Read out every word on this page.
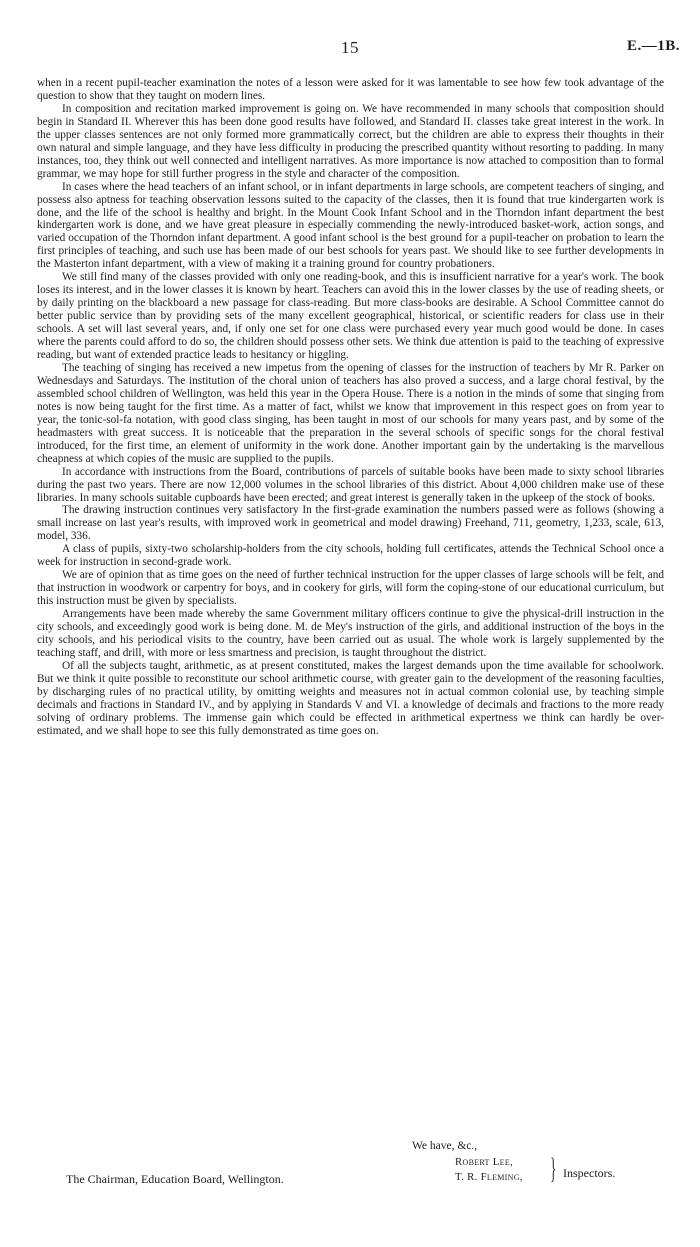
15	E.—1B.

when in a recent pupil-teacher examination the notes of a lesson were asked for it was lamentable to see how few took advantage of the question to show that they taught on modern lines.

In composition and recitation marked improvement is going on. We have recommended in many schools that composition should begin in Standard II. Wherever this has been done good results have followed, and Standard II. classes take great interest in the work. In the upper classes sentences are not only formed more grammatically correct, but the children are able to express their thoughts in their own natural and simple language, and they have less difficulty in producing the prescribed quantity without resorting to padding. In many instances, too, they think out well connected and intelligent narratives. As more importance is now attached to composition than to formal grammar, we may hope for still further progress in the style and character of the composition.

In cases where the head teachers of an infant school, or in infant departments in large schools, are competent teachers of singing, and possess also aptness for teaching observation lessons suited to the capacity of the classes, then it is found that true kindergarten work is done, and the life of the school is healthy and bright. In the Mount Cook Infant School and in the Thorndon infant department the best kindergarten work is done, and we have great pleasure in especially commending the newly-introduced basket-work, action songs, and varied occupation of the Thorndon infant department. A good infant school is the best ground for a pupil-teacher on probation to learn the first principles of teaching, and such use has been made of our best schools for years past. We should like to see further developments in the Masterton infant department, with a view of making it a training ground for country probationers.

We still find many of the classes provided with only one reading-book, and this is insufficient narrative for a year's work. The book loses its interest, and in the lower classes it is known by heart. Teachers can avoid this in the lower classes by the use of reading sheets, or by daily printing on the blackboard a new passage for class-reading. But more class-books are desirable. A School Committee cannot do better public service than by providing sets of the many excellent geographical, historical, or scientific readers for class use in their schools. A set will last several years, and, if only one set for one class were purchased every year much good would be done. In cases where the parents could afford to do so, the children should possess other sets. We think due attention is paid to the teaching of expressive reading, but want of extended practice leads to hesitancy or higgling.

The teaching of singing has received a new impetus from the opening of classes for the instruction of teachers by Mr R. Parker on Wednesdays and Saturdays. The institution of the choral union of teachers has also proved a success, and a large choral festival, by the assembled school children of Wellington, was held this year in the Opera House. There is a notion in the minds of some that singing from notes is now being taught for the first time. As a matter of fact, whilst we know that improvement in this respect goes on from year to year, the tonic-sol-fa notation, with good class singing, has been taught in most of our schools for many years past, and by some of the headmasters with great success. It is noticeable that the preparation in the several schools of specific songs for the choral festival introduced, for the first time, an element of uniformity in the work done. Another important gain by the undertaking is the marvellous cheapness at which copies of the music are supplied to the pupils.

In accordance with instructions from the Board, contributions of parcels of suitable books have been made to sixty school libraries during the past two years. There are now 12,000 volumes in the school libraries of this district. About 4,000 children make use of these libraries. In many schools suitable cupboards have been erected; and great interest is generally taken in the upkeep of the stock of books.

The drawing instruction continues very satisfactory In the first-grade examination the numbers passed were as follows (showing a small increase on last year's results, with improved work in geometrical and model drawing) Freehand, 711, geometry, 1,233, scale, 613, model, 336.

A class of pupils, sixty-two scholarship-holders from the city schools, holding full certificates, attends the Technical School once a week for instruction in second-grade work.

We are of opinion that as time goes on the need of further technical instruction for the upper classes of large schools will be felt, and that instruction in woodwork or carpentry for boys, and in cookery for girls, will form the coping-stone of our educational curriculum, but this instruction must be given by specialists.

Arrangements have been made whereby the same Government military officers continue to give the physical-drill instruction in the city schools, and exceedingly good work is being done. M. de Mey's instruction of the girls, and additional instruction of the boys in the city schools, and his periodical visits to the country, have been carried out as usual. The whole work is largely supplemented by the teaching staff, and drill, with more or less smartness and precision, is taught throughout the district.

Of all the subjects taught, arithmetic, as at present constituted, makes the largest demands upon the time available for schoolwork. But we think it quite possible to reconstitute our school arithmetic course, with greater gain to the development of the reasoning faculties, by discharging rules of no practical utility, by omitting weights and measures not in actual common colonial use, by teaching simple decimals and fractions in Standard IV., and by applying in Standards V and VI. a knowledge of decimals and fractions to the more ready solving of ordinary problems. The immense gain which could be effected in arithmetical expertness we think can hardly be over-estimated, and we shall hope to see this fully demonstrated as time goes on.

We have, &c.,
Robert Lee,
T. R. Fleming, } Inspectors.
The Chairman, Education Board, Wellington.
